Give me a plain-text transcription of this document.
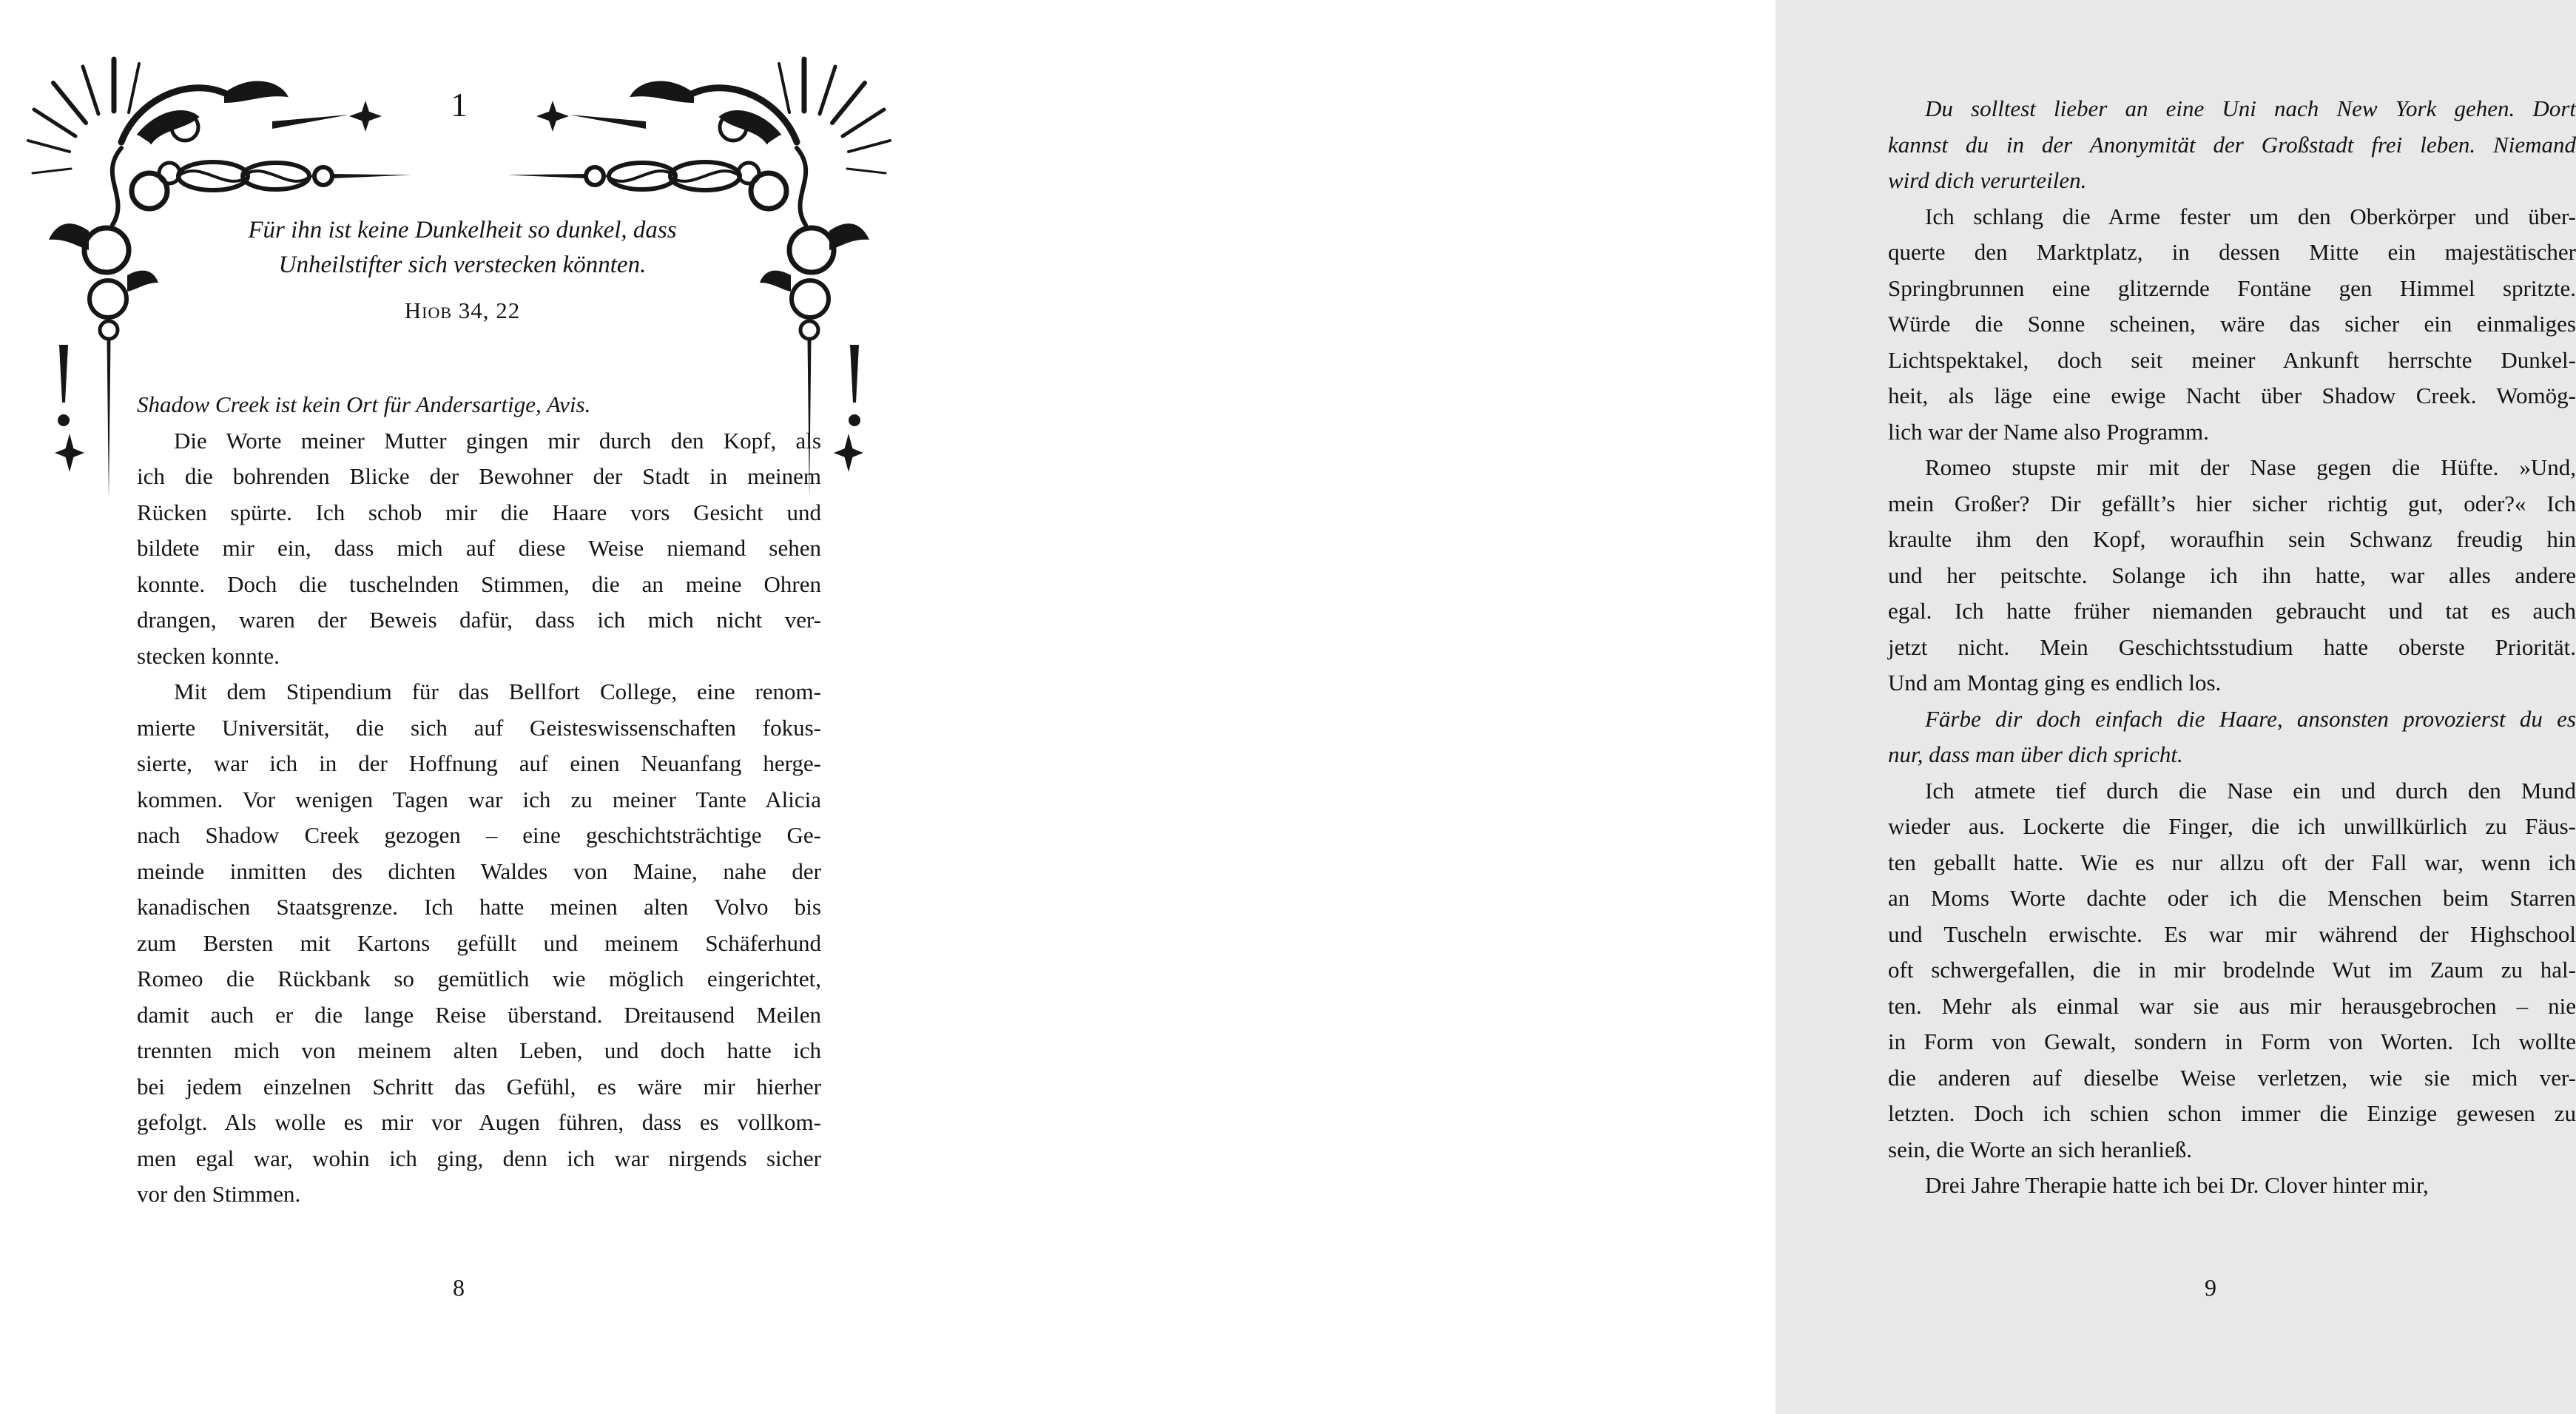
1
Für ihn ist keine Dunkelheit so dunkel, dass
Unheilstifter sich verstecken könnten.
Hiob 34, 22
Shadow Creek ist kein Ort für Andersartige, Avis.
Die Worte meiner Mutter gingen mir durch den Kopf, als
ich die bohrenden Blicke der Bewohner der Stadt in meinem
Rücken spürte. Ich schob mir die Haare vors Gesicht und
bildete mir ein, dass mich auf diese Weise niemand sehen
konnte. Doch die tuschelnden Stimmen, die an meine Ohren
drangen, waren der Beweis dafür, dass ich mich nicht ver-
stecken konnte.
Mit dem Stipendium für das Bellfort College, eine renom-
mierte Universität, die sich auf Geisteswissenschaften fokus-
sierte, war ich in der Hoffnung auf einen Neuanfang herge-
kommen. Vor wenigen Tagen war ich zu meiner Tante Alicia
nach Shadow Creek gezogen – eine geschichtsträchtige Ge-
meinde inmitten des dichten Waldes von Maine, nahe der
kanadischen Staatsgrenze. Ich hatte meinen alten Volvo bis
zum Bersten mit Kartons gefüllt und meinem Schäferhund
Romeo die Rückbank so gemütlich wie möglich eingerichtet,
damit auch er die lange Reise überstand. Dreitausend Meilen
trennten mich von meinem alten Leben, und doch hatte ich
bei jedem einzelnen Schritt das Gefühl, es wäre mir hierher
gefolgt. Als wolle es mir vor Augen führen, dass es vollkom-
men egal war, wohin ich ging, denn ich war nirgends sicher
vor den Stimmen.
8
Du solltest lieber an eine Uni nach New York gehen. Dort
kannst du in der Anonymität der Großstadt frei leben. Niemand
wird dich verurteilen.
Ich schlang die Arme fester um den Oberkörper und über-
querte den Marktplatz, in dessen Mitte ein majestätischer
Springbrunnen eine glitzernde Fontäne gen Himmel spritzte.
Würde die Sonne scheinen, wäre das sicher ein einmaliges
Lichtspektakel, doch seit meiner Ankunft herrschte Dunkel-
heit, als läge eine ewige Nacht über Shadow Creek. Womög-
lich war der Name also Programm.
Romeo stupste mir mit der Nase gegen die Hüfte. »Und,
mein Großer? Dir gefällt’s hier sicher richtig gut, oder?« Ich
kraulte ihm den Kopf, woraufhin sein Schwanz freudig hin
und her peitschte. Solange ich ihn hatte, war alles andere
egal. Ich hatte früher niemanden gebraucht und tat es auch
jetzt nicht. Mein Geschichtsstudium hatte oberste Priorität.
Und am Montag ging es endlich los.
Färbe dir doch einfach die Haare, ansonsten provozierst du es
nur, dass man über dich spricht.
Ich atmete tief durch die Nase ein und durch den Mund
wieder aus. Lockerte die Finger, die ich unwillkürlich zu Fäus-
ten geballt hatte. Wie es nur allzu oft der Fall war, wenn ich
an Moms Worte dachte oder ich die Menschen beim Starren
und Tuscheln erwischte. Es war mir während der Highschool
oft schwergefallen, die in mir brodelnde Wut im Zaum zu hal-
ten. Mehr als einmal war sie aus mir herausgebrochen – nie
in Form von Gewalt, sondern in Form von Worten. Ich wollte
die anderen auf dieselbe Weise verletzen, wie sie mich ver-
letzten. Doch ich schien schon immer die Einzige gewesen zu
sein, die Worte an sich heranließ.
Drei Jahre Therapie hatte ich bei Dr. Clover hinter mir,
9
